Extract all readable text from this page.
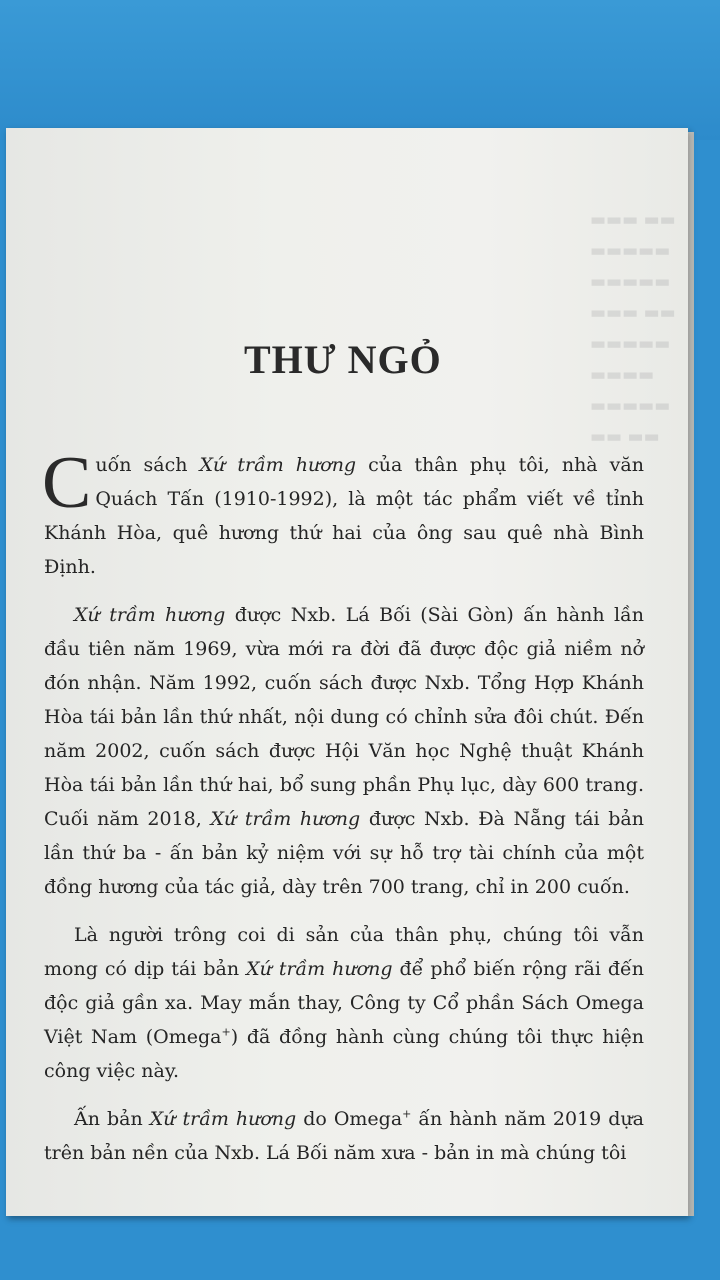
▬▬▬ ▬▬
▬▬▬▬▬
▬▬▬▬▬
▬▬▬ ▬▬
▬▬▬▬▬
▬▬▬▬
▬▬▬▬▬
▬▬ ▬▬
THƯ NGỎ

Cuốn sách Xứ trầm hương của thân phụ tôi, nhà văn Quách Tấn (1910-1992), là một tác phẩm viết về tỉnh Khánh Hòa, quê hương thứ hai của ông sau quê nhà Bình Định.

Xứ trầm hương được Nxb. Lá Bối (Sài Gòn) ấn hành lần đầu tiên năm 1969, vừa mới ra đời đã được độc giả niềm nở đón nhận. Năm 1992, cuốn sách được Nxb. Tổng Hợp Khánh Hòa tái bản lần thứ nhất, nội dung có chỉnh sửa đôi chút. Đến năm 2002, cuốn sách được Hội Văn học Nghệ thuật Khánh Hòa tái bản lần thứ hai, bổ sung phần Phụ lục, dày 600 trang. Cuối năm 2018, Xứ trầm hương được Nxb. Đà Nẵng tái bản lần thứ ba - ấn bản kỷ niệm với sự hỗ trợ tài chính của một đồng hương của tác giả, dày trên 700 trang, chỉ in 200 cuốn.

Là người trông coi di sản của thân phụ, chúng tôi vẫn mong có dịp tái bản Xứ trầm hương để phổ biến rộng rãi đến độc giả gần xa. May mắn thay, Công ty Cổ phần Sách Omega Việt Nam (Omega+) đã đồng hành cùng chúng tôi thực hiện công việc này.

Ấn bản Xứ trầm hương do Omega+ ấn hành năm 2019 dựa trên bản nền của Nxb. Lá Bối năm xưa - bản in mà chúng tôi
